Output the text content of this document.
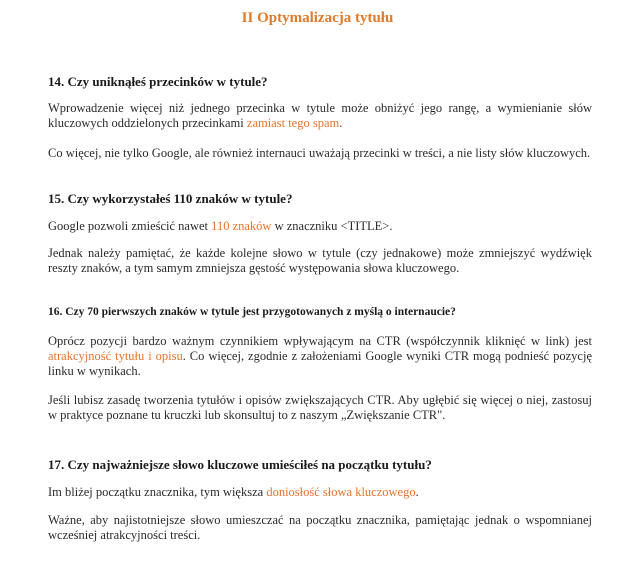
II Optymalizacja tytułu
14. Czy uniknąłeś przecinków w tytule?
Wprowadzenie więcej niż jednego przecinka w tytule może obniżyć jego rangę, a wymienianie słów kluczowych oddzielonych przecinkami zamiast tego spam.
Co więcej, nie tylko Google, ale również internauci uważają przecinki w treści, a nie listy słów kluczowych.
15. Czy wykorzystałeś 110 znaków w tytule?
Google pozwoli zmieścić nawet 110 znaków w znaczniku <TITLE>.
Jednak należy pamiętać, że każde kolejne słowo w tytule (czy jednakowe) może zmniejszyć wydźwięk reszty znaków, a tym samym zmniejsza gęstość występowania słowa kluczowego.
16. Czy 70 pierwszych znaków w tytule jest przygotowanych z myślą o internaucie?
Oprócz pozycji bardzo ważnym czynnikiem wpływającym na CTR (współczynnik kliknięć w link) jest atrakcyjność tytułu i opisu. Co więcej, zgodnie z założeniami Google wyniki CTR mogą podnieść pozycję linku w wynikach.
Jeśli lubisz zasadę tworzenia tytułów i opisów zwiększających CTR. Aby ugłębić się więcej o niej, zastosuj w praktyce poznane tu kruczki lub skonsultuj to z naszym „Zwiększanie CTR".
17. Czy najważniejsze słowo kluczowe umieściłeś na początku tytułu?
Im bliżej początku znacznika, tym większa doniosłość słowa kluczowego.
Ważne, aby najistotniejsze słowo umieszczać na początku znacznika, pamiętając jednak o wspomnianej wcześniej atrakcyjności treści.
